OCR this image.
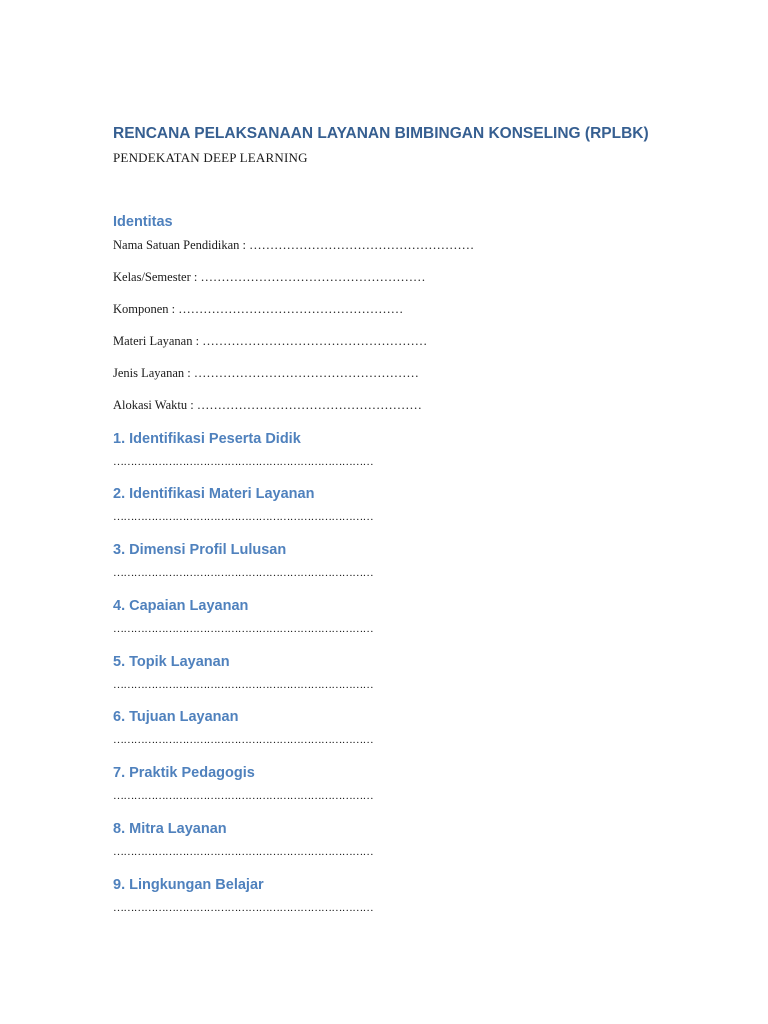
RENCANA PELAKSANAAN LAYANAN BIMBINGAN KONSELING (RPLBK)
PENDEKATAN DEEP LEARNING
Identitas
Nama Satuan Pendidikan : ………………………………………………
Kelas/Semester : ………………………………………………
Komponen : ………………………………………………
Materi Layanan : ………………………………………………
Jenis Layanan : ………………………………………………
Alokasi Waktu : ………………………………………………
1. Identifikasi Peserta Didik
…………………………………………………………………
2. Identifikasi Materi Layanan
…………………………………………………………………
3. Dimensi Profil Lulusan
…………………………………………………………………
4. Capaian Layanan
…………………………………………………………………
5. Topik Layanan
…………………………………………………………………
6. Tujuan Layanan
…………………………………………………………………
7. Praktik Pedagogis
…………………………………………………………………
8. Mitra Layanan
…………………………………………………………………
9. Lingkungan Belajar
…………………………………………………………………
